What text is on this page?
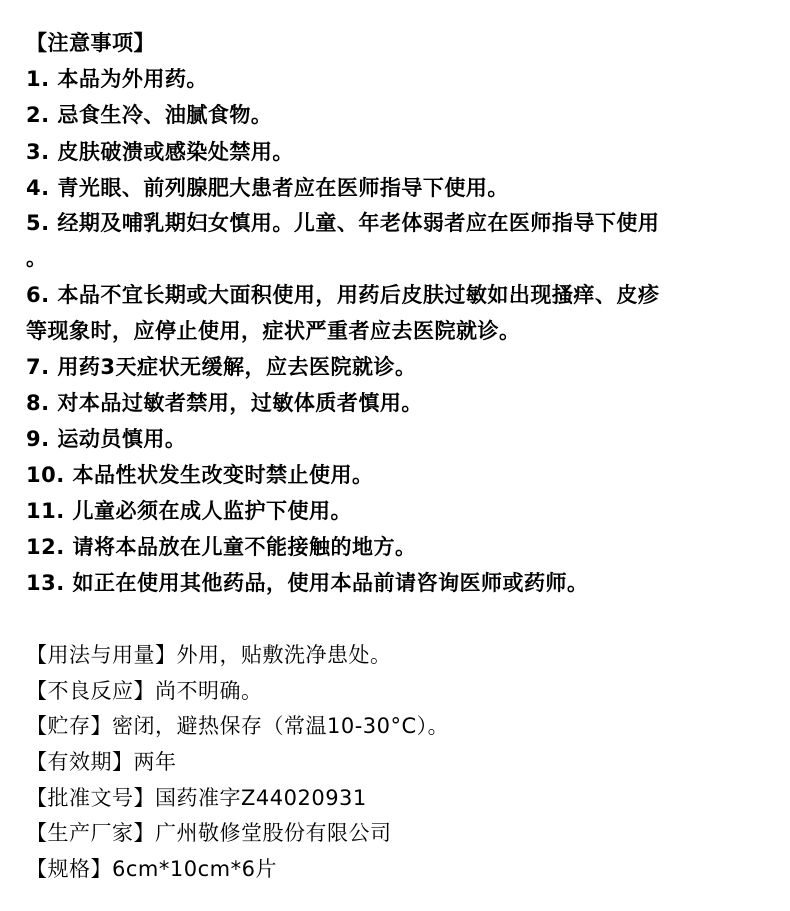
【注意事项】
1. 本品为外用药。
2. 忌食生冷、油腻食物。
3. 皮肤破溃或感染处禁用。
4. 青光眼、前列腺肥大患者应在医师指导下使用。
5. 经期及哺乳期妇女慎用。儿童、年老体弱者应在医师指导下使用
。
6. 本品不宜长期或大面积使用，用药后皮肤过敏如出现搔痒、皮疹
等现象时，应停止使用，症状严重者应去医院就诊。
7. 用药3天症状无缓解，应去医院就诊。
8. 对本品过敏者禁用，过敏体质者慎用。
9. 运动员慎用。
10. 本品性状发生改变时禁止使用。
11. 儿童必须在成人监护下使用。
12. 请将本品放在儿童不能接触的地方。
13. 如正在使用其他药品，使用本品前请咨询医师或药师。
【用法与用量】外用，贴敷洗净患处。
【不良反应】尚不明确。
【贮存】密闭，避热保存（常温10-30°C）。
【有效期】两年
【批准文号】国药准字Z44020931
【生产厂家】广州敬修堂股份有限公司
【规格】6cm*10cm*6片
